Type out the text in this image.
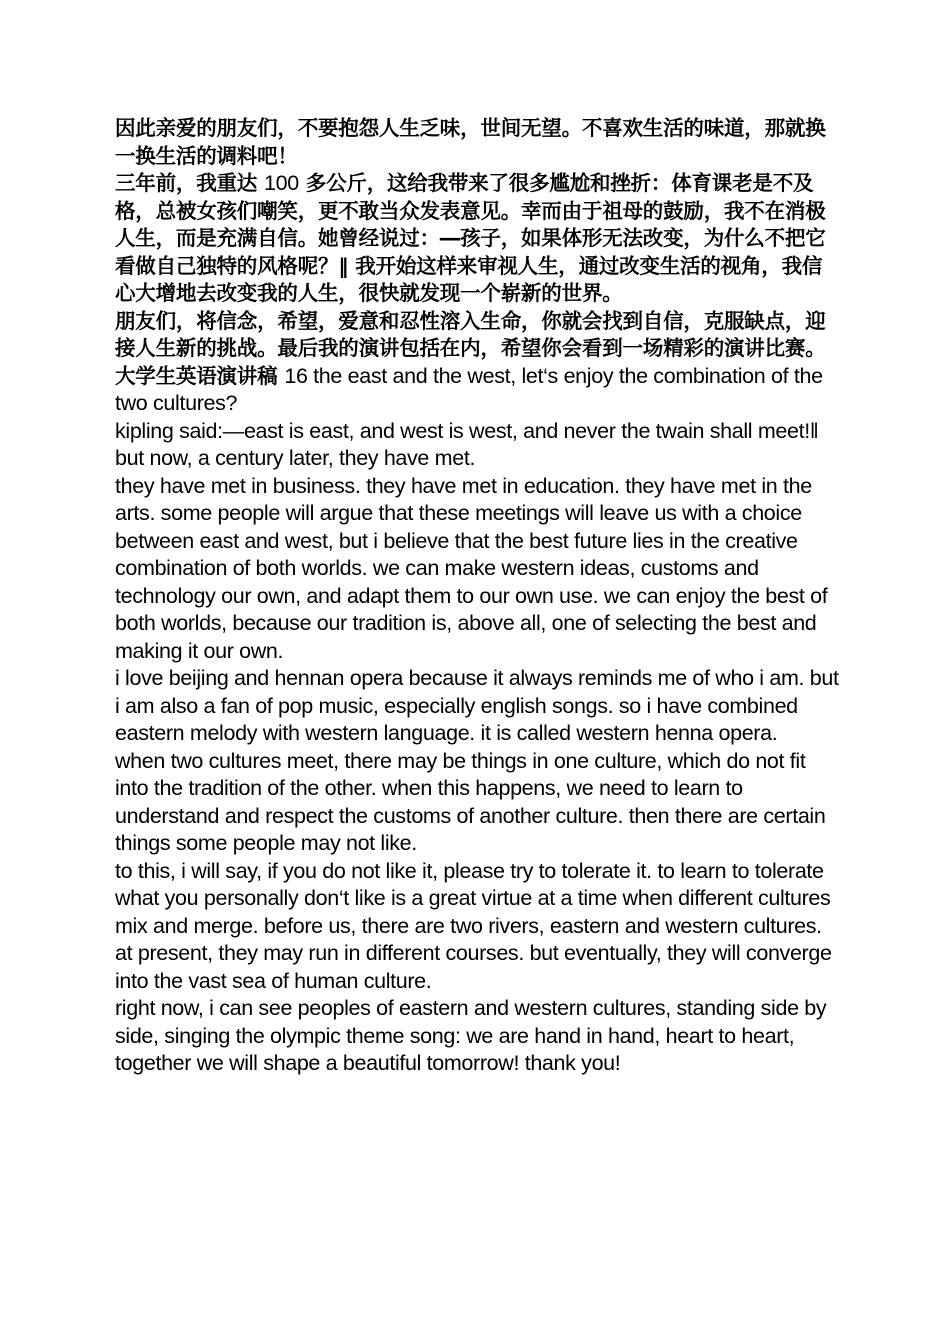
因此亲爱的朋友们，不要抱怨人生乏味，世间无望。不喜欢生活的味道，那就换一换生活的调料吧！

三年前，我重达 100 多公斤，这给我带来了很多尴尬和挫折：体育课老是不及格，总被女孩们嘲笑，更不敢当众发表意见。幸而由于祖母的鼓励，我不在消极人生，而是充满自信。她曾经说过：―孩子，如果体形无法改变，为什么不把它看做自己独特的风格呢？‖ 我开始这样来审视人生，通过改变生活的视角，我信心大增地去改变我的人生，很快就发现一个崭新的世界。

朋友们，将信念，希望，爱意和忍性溶入生命，你就会找到自信，克服缺点，迎接人生新的挑战。最后我的演讲包括在内，希望你会看到一场精彩的演讲比赛。 大学生英语演讲稿 16 the east and the west, let‘s enjoy the combination of the two cultures?

kipling said:―east is east, and west is west, and never the twain shall meet!‖ but now, a century later, they have met.

they have met in business. they have met in education. they have met in the arts. some people will argue that these meetings will leave us with a choice between east and west, but i believe that the best future lies in the creative combination of both worlds. we can make western ideas, customs and technology our own, and adapt them to our own use. we can enjoy the best of both worlds, because our tradition is, above all, one of selecting the best and making it our own.

i love beijing and hennan opera because it always reminds me of who i am. but i am also a fan of pop music, especially english songs. so i have combined eastern melody with western language. it is called western henna opera.

when two cultures meet, there may be things in one culture, which do not fit into the tradition of the other. when this happens, we need to learn to understand and respect the customs of another culture. then there are certain things some people may not like.

to this, i will say, if you do not like it, please try to tolerate it. to learn to tolerate what you personally don‘t like is a great virtue at a time when different cultures mix and merge. before us, there are two rivers, eastern and western cultures. at present, they may run in different courses. but eventually, they will converge into the vast sea of human culture.

right now, i can see peoples of eastern and western cultures, standing side by side, singing the olympic theme song: we are hand in hand, heart to heart, together we will shape a beautiful tomorrow! thank you!
